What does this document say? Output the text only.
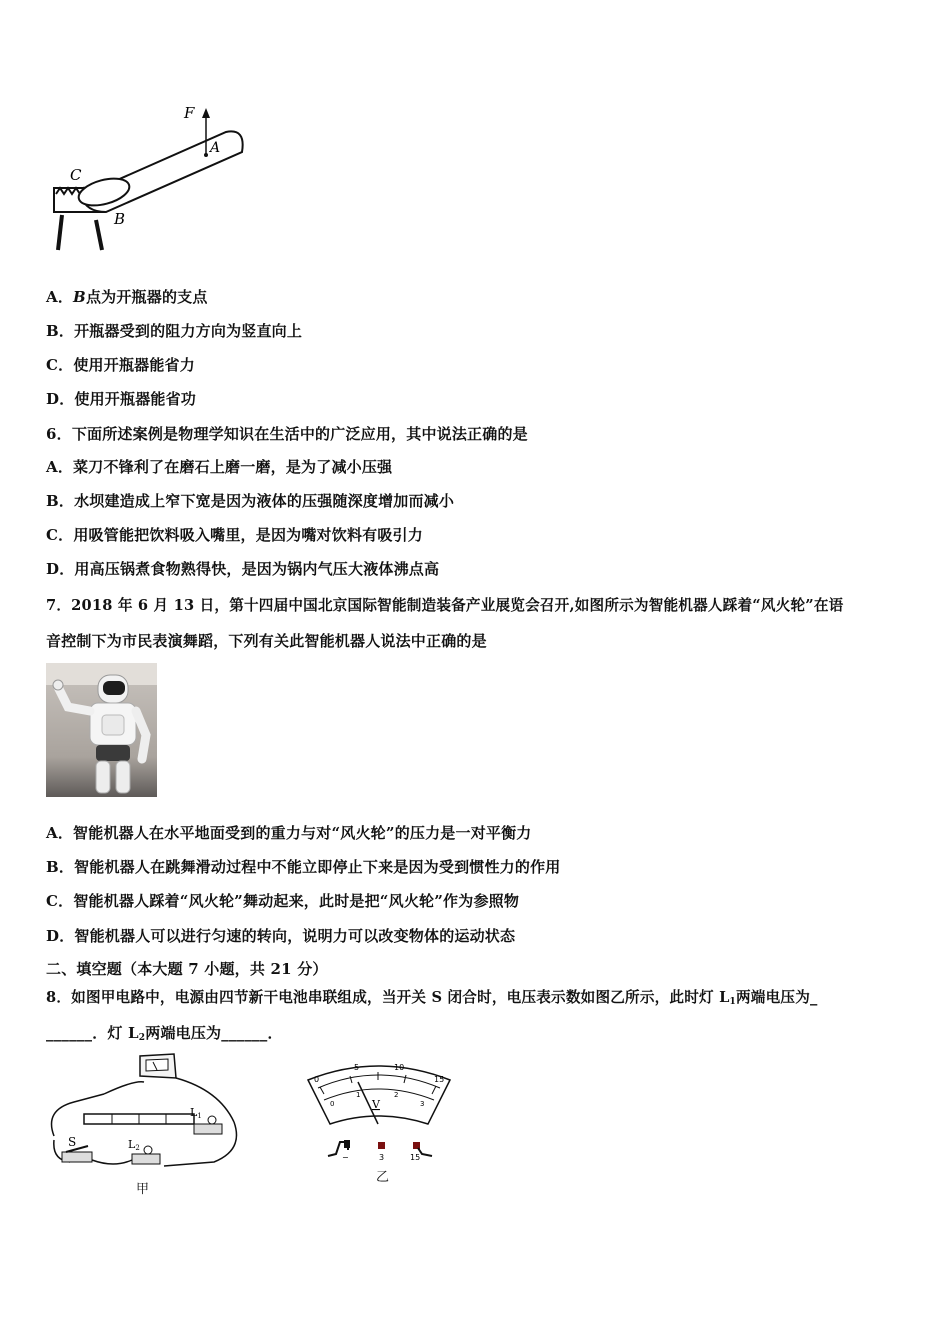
F
A
C
B
A．B点为开瓶器的支点
B．开瓶器受到的阻力方向为竖直向上
C．使用开瓶器能省力
D．使用开瓶器能省功
6．下面所述案例是物理学知识在生活中的广泛应用，其中说法正确的是
A．菜刀不锋利了在磨石上磨一磨，是为了减小压强
B．水坝建造成上窄下宽是因为液体的压强随深度增加而减小
C．用吸管能把饮料吸入嘴里，是因为嘴对饮料有吸引力
D．用高压锅煮食物熟得快，是因为锅内气压大液体沸点高
7．2018 年 6 月 13 日，第十四届中国北京国际智能制造装备产业展览会召开,如图所示为智能机器人踩着“风火轮”在语
音控制下为市民表演舞蹈，下列有关此智能机器人说法中正确的是
A．智能机器人在水平地面受到的重力与对“风火轮”的压力是一对平衡力
B．智能机器人在跳舞滑动过程中不能立即停止下来是因为受到惯性力的作用
C．智能机器人踩着“风火轮”舞动起来，此时是把“风火轮”作为参照物
D．智能机器人可以进行匀速的转向，说明力可以改变物体的运动状态
二、填空题（本大题 7 小题，共 21 分）
8．如图甲电路中，电源由四节新干电池串联组成，当开关 S 闭合时，电压表示数如图乙所示，此时灯 $L_1$两端电压为_
______．灯 $L_2$两端电压为______．
S
L1
L2
甲
0
5	10
15
0
1	2
3
V
−	3	15
乙
